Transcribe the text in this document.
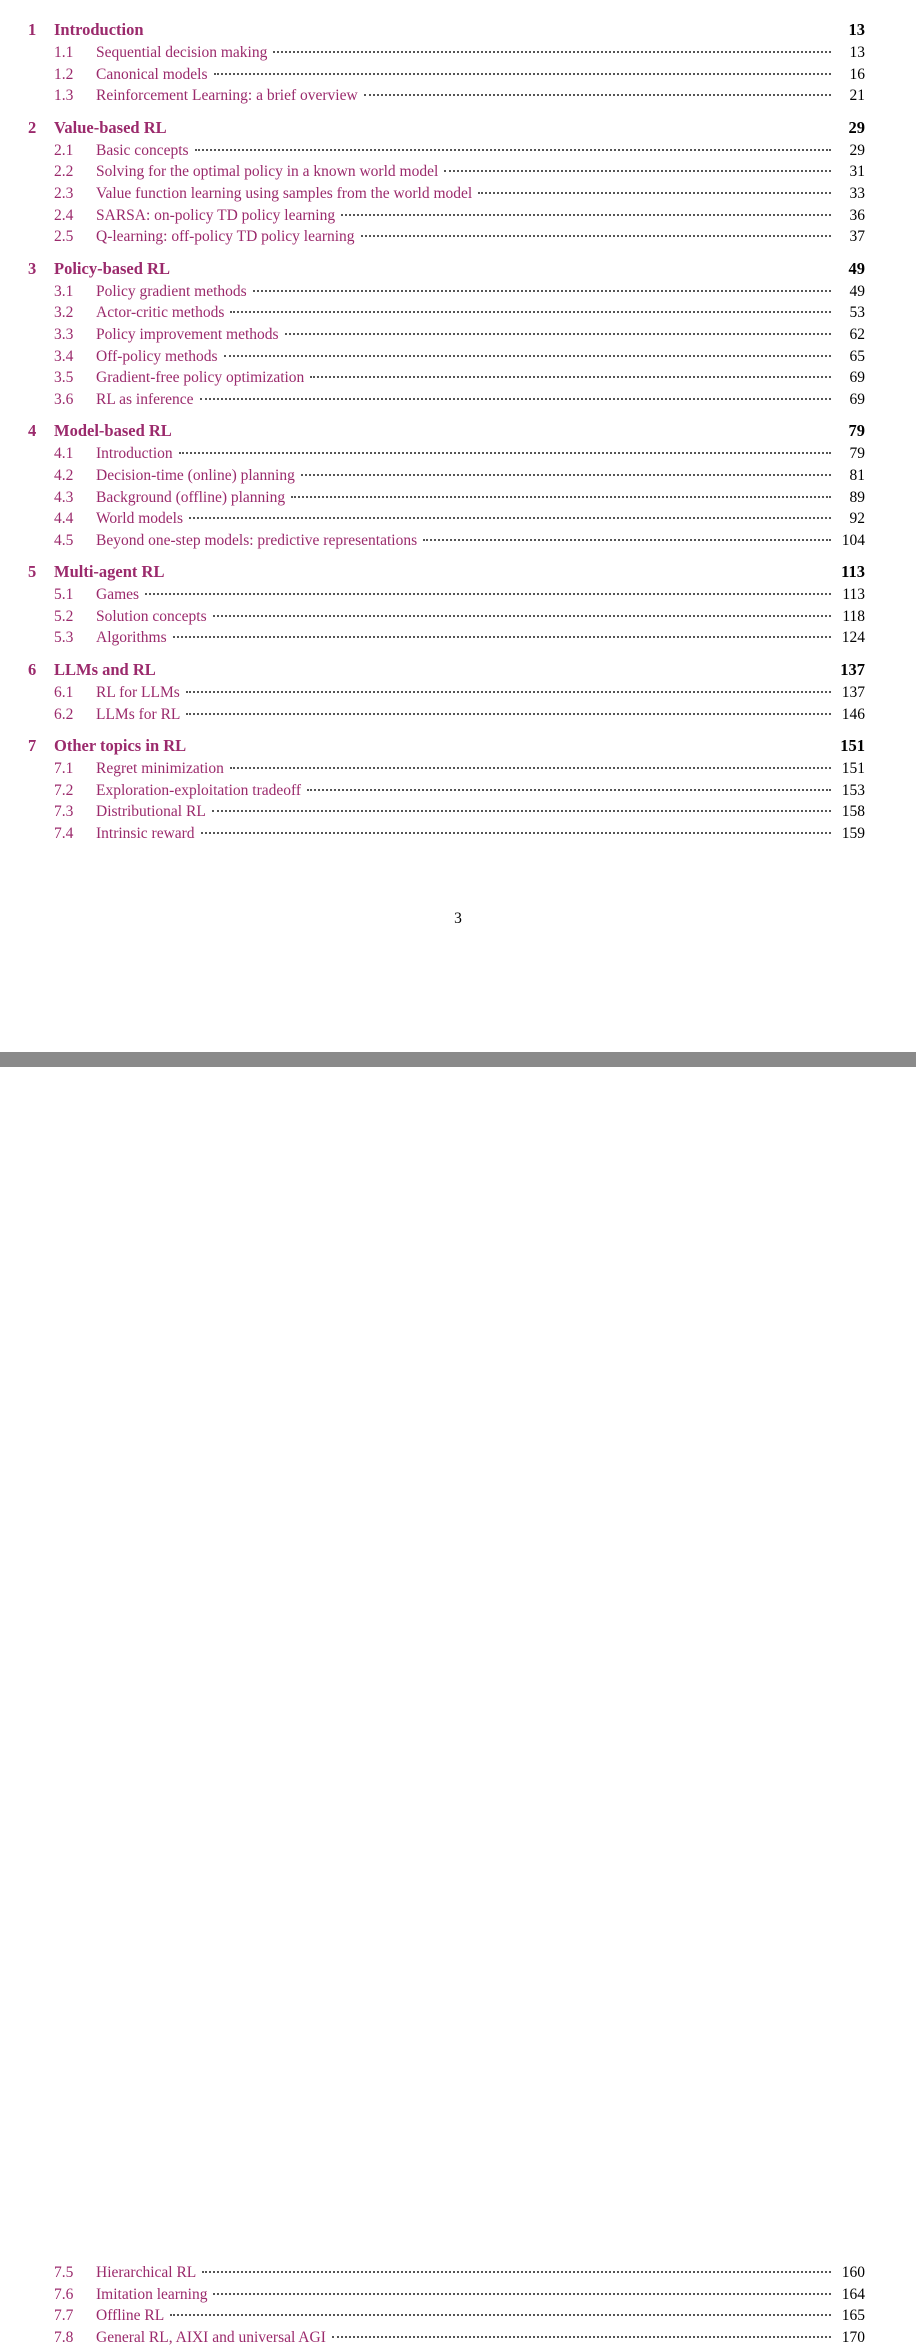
1	Introduction	13
1.1	Sequential decision making	13
1.2	Canonical models	16
1.3	Reinforcement Learning: a brief overview	21
2	Value-based RL	29
2.1	Basic concepts	29
2.2	Solving for the optimal policy in a known world model	31
2.3	Value function learning using samples from the world model	33
2.4	SARSA: on-policy TD policy learning	36
2.5	Q-learning: off-policy TD policy learning	37
3	Policy-based RL	49
3.1	Policy gradient methods	49
3.2	Actor-critic methods	53
3.3	Policy improvement methods	62
3.4	Off-policy methods	65
3.5	Gradient-free policy optimization	69
3.6	RL as inference	69
4	Model-based RL	79
4.1	Introduction	79
4.2	Decision-time (online) planning	81
4.3	Background (offline) planning	89
4.4	World models	92
4.5	Beyond one-step models: predictive representations	104
5	Multi-agent RL	113
5.1	Games	113
5.2	Solution concepts	118
5.3	Algorithms	124
6	LLMs and RL	137
6.1	RL for LLMs	137
6.2	LLMs for RL	146
7	Other topics in RL	151
7.1	Regret minimization	151
7.2	Exploration-exploitation tradeoff	153
7.3	Distributional RL	158
7.4	Intrinsic reward	159
3
7.5	Hierarchical RL	160
7.6	Imitation learning	164
7.7	Offline RL	165
7.8	General RL, AIXI and universal AGI	170
